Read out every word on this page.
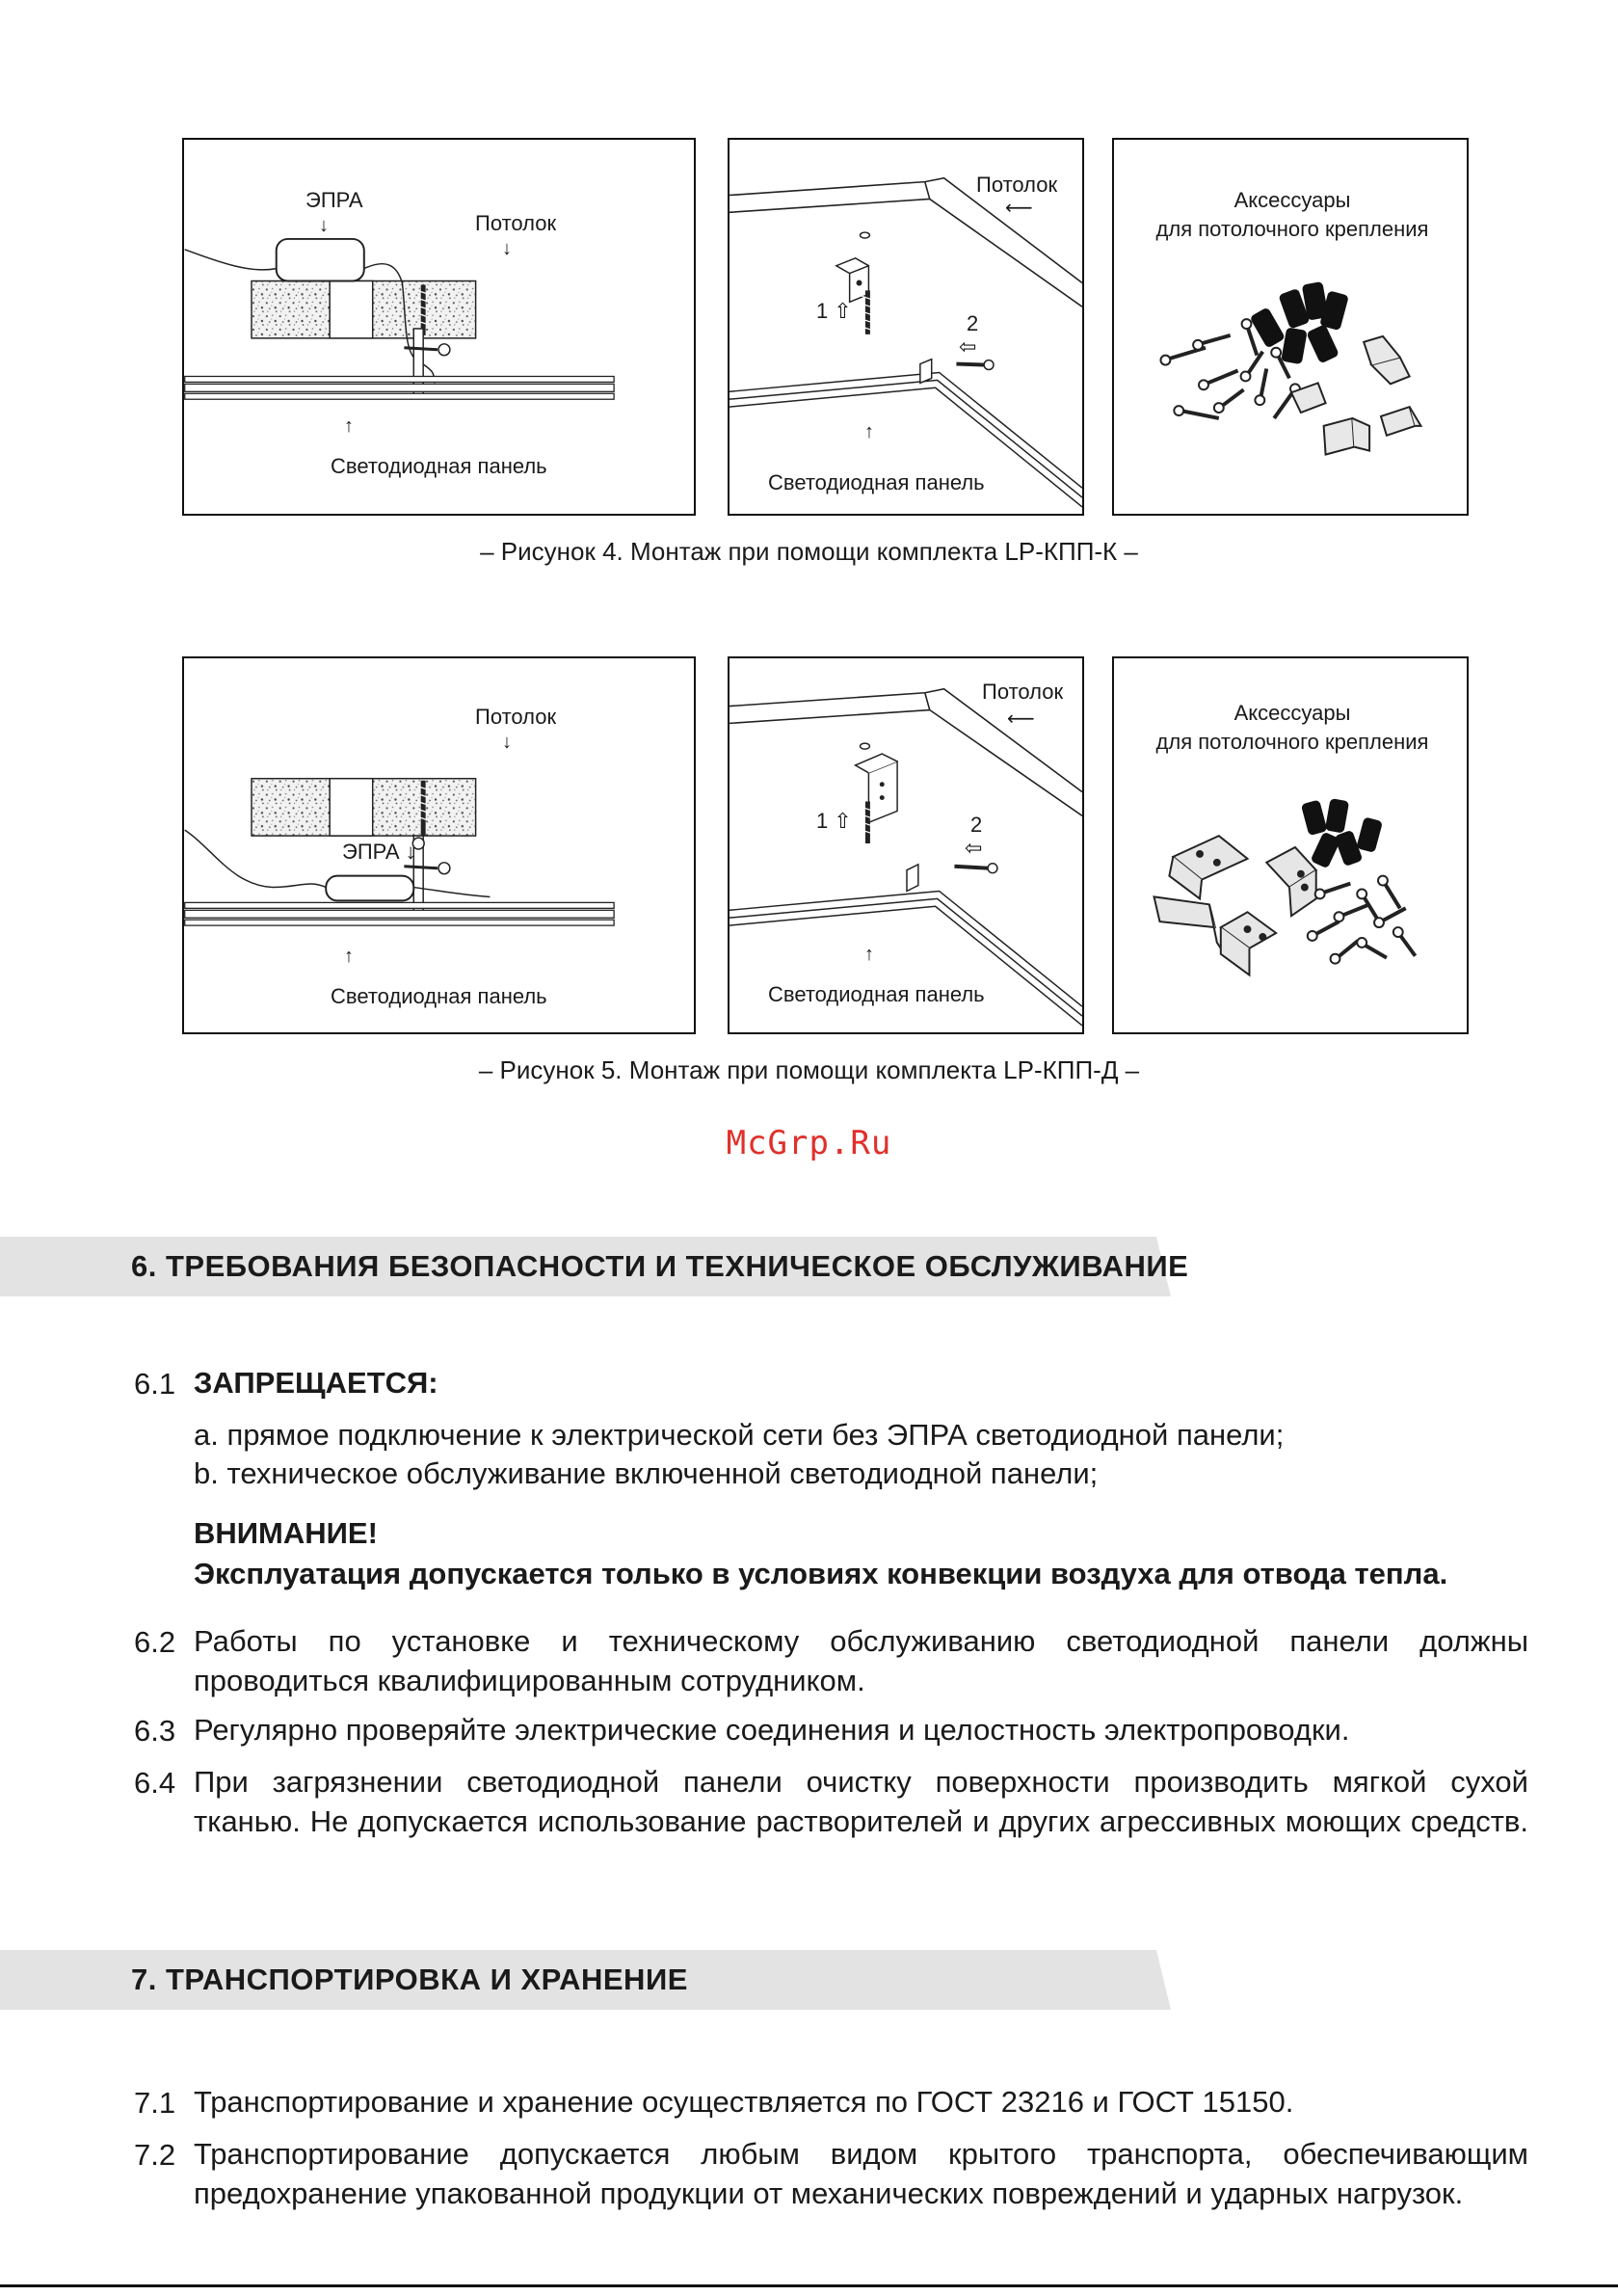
ЭПРА
↓	Потолок
↓
↑
Светодиодная панель
Потолок
⟵
1 ⇧
2
⇦
↑
Светодиодная панель
Аксессуары
для потолочного крепления
– Рисунок 4. Монтаж при помощи комплекта LP-КПП-К –
Потолок
↓
ЭПРА ↓
↑
Светодиодная панель
Потолок
⟵
1 ⇧	2
⇦
↑
Светодиодная панель
Аксессуары
для потолочного крепления
– Рисунок 5. Монтаж при помощи комплекта LP-КПП-Д –
McGrp.Ru
6. ТРЕБОВАНИЯ БЕЗОПАСНОСТИ И ТЕХНИЧЕСКОЕ ОБСЛУЖИВАНИЕ
6.1 ЗАПРЕЩАЕТСЯ:
a. прямое подключение к электрической сети без ЭПРА светодиодной панели;
b. техническое обслуживание включенной светодиодной панели;
ВНИМАНИЕ!
Эксплуатация допускается только в условиях конвекции воздуха для отвода тепла.
6.2 Работы по установке и техническому обслуживанию светодиодной панели должны
проводиться квалифицированным сотрудником.
6.3 Регулярно проверяйте электрические соединения и целостность электропроводки.
6.4 При загрязнении светодиодной панели очистку поверхности производить мягкой сухой
тканью. Не допускается использование растворителей и других агрессивных моющих средств.
7. ТРАНСПОРТИРОВКА И ХРАНЕНИЕ
7.1 Транспортирование и хранение осуществляется по ГОСТ 23216 и ГОСТ 15150.
7.2 Транспортирование допускается любым видом крытого транспорта, обеспечивающим
предохранение упакованной продукции от механических повреждений и ударных нагрузок.
